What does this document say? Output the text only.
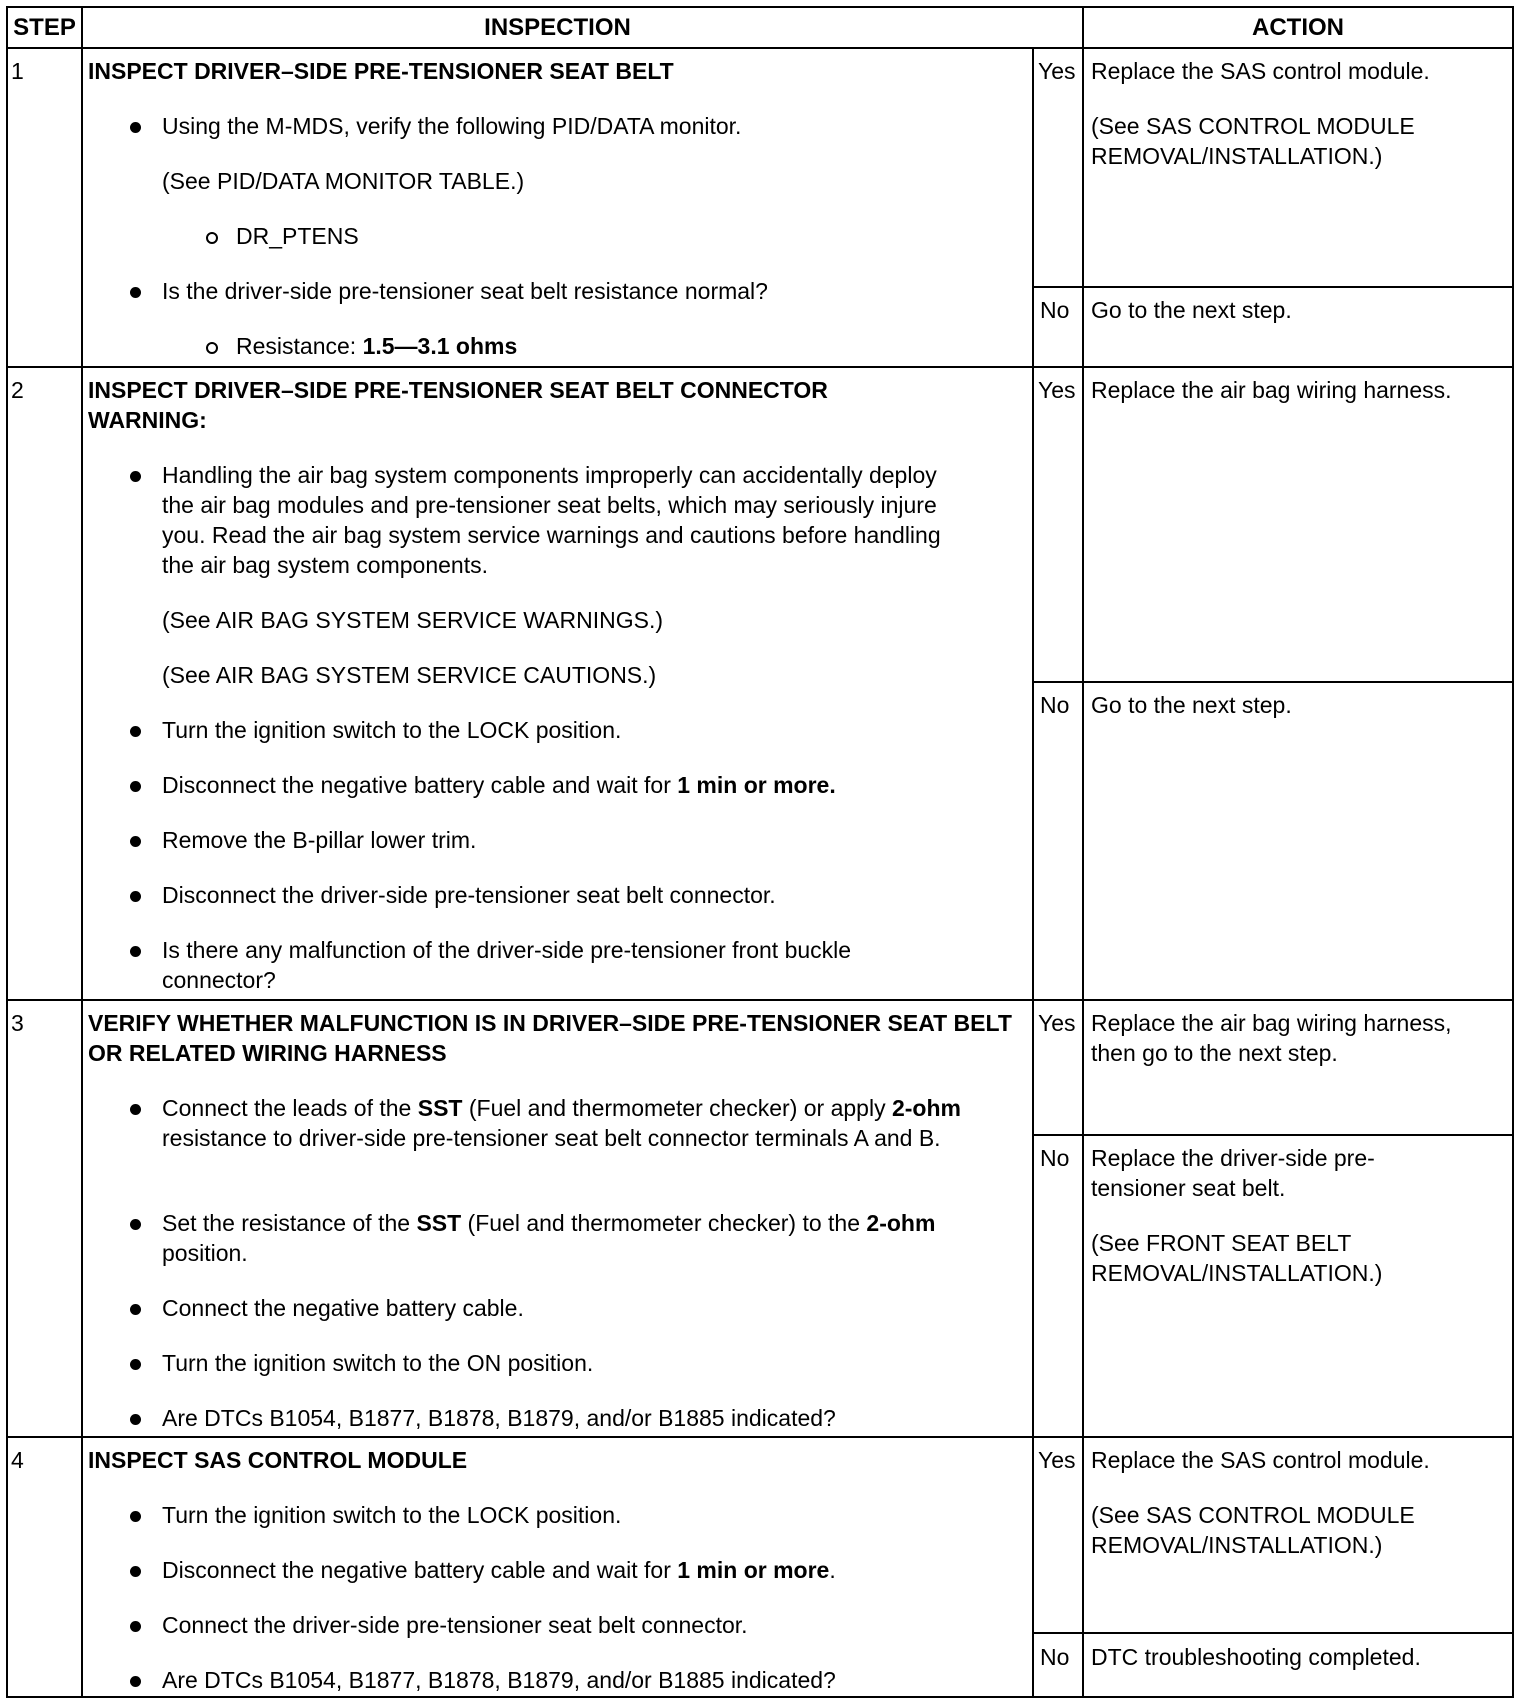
STEP	INSPECTION	ACTION
1	INSPECT DRIVER–SIDE PRE-TENSIONER SEAT BELT
Using the M-MDS, verify the following PID/DATA monitor.
(See PID/DATA MONITOR TABLE.)
DR_PTENS
Is the driver-side pre-tensioner seat belt resistance normal?
Resistance: 1.5—3.1 ohms
Yes Replace the SAS control module.
(See SAS CONTROL MODULE REMOVAL/INSTALLATION.)
No Go to the next step.
2	INSPECT DRIVER–SIDE PRE-TENSIONER SEAT BELT CONNECTOR
WARNING:
Handling the air bag system components improperly can accidentally deploy the air bag modules and pre-tensioner seat belts, which may seriously injure you. Read the air bag system service warnings and cautions before handling the air bag system components.
(See AIR BAG SYSTEM SERVICE WARNINGS.)
(See AIR BAG SYSTEM SERVICE CAUTIONS.)
Turn the ignition switch to the LOCK position.
Disconnect the negative battery cable and wait for 1 min or more.
Remove the B-pillar lower trim.
Disconnect the driver-side pre-tensioner seat belt connector.
Is there any malfunction of the driver-side pre-tensioner front buckle connector?
Yes Replace the air bag wiring harness.
No Go to the next step.
3	VERIFY WHETHER MALFUNCTION IS IN DRIVER–SIDE PRE-TENSIONER SEAT BELT OR RELATED WIRING HARNESS
Connect the leads of the SST (Fuel and thermometer checker) or apply 2-ohm resistance to driver-side pre-tensioner seat belt connector terminals A and B.
Set the resistance of the SST (Fuel and thermometer checker) to the 2-ohm position.
Connect the negative battery cable.
Turn the ignition switch to the ON position.
Are DTCs B1054, B1877, B1878, B1879, and/or B1885 indicated?
Yes Replace the air bag wiring harness, then go to the next step.
No Replace the driver-side pre-tensioner seat belt.
(See FRONT SEAT BELT REMOVAL/INSTALLATION.)
4	INSPECT SAS CONTROL MODULE
Turn the ignition switch to the LOCK position.
Disconnect the negative battery cable and wait for 1 min or more.
Connect the driver-side pre-tensioner seat belt connector.
Are DTCs B1054, B1877, B1878, B1879, and/or B1885 indicated?
Yes Replace the SAS control module.
(See SAS CONTROL MODULE REMOVAL/INSTALLATION.)
No DTC troubleshooting completed.
